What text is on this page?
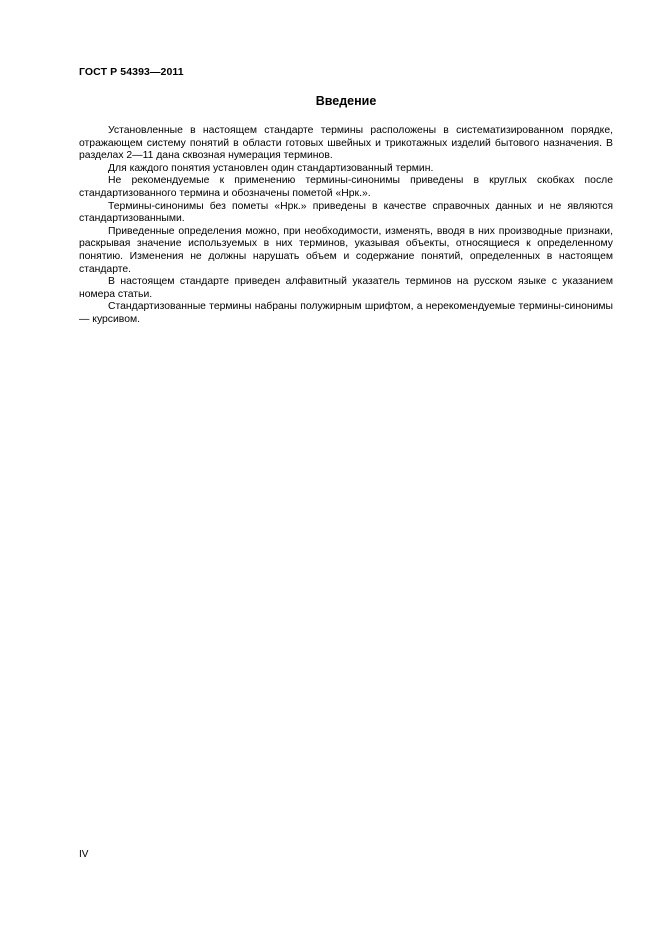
ГОСТ Р 54393—2011
Введение

Установленные в настоящем стандарте термины расположены в систематизированном порядке, отражающем систему понятий в области готовых швейных и трикотажных изделий бытового назначения. В разделах 2—11 дана сквозная нумерация терминов.

Для каждого понятия установлен один стандартизованный термин.

Не рекомендуемые к применению термины-синонимы приведены в круглых скобках после стандартизованного термина и обозначены пометой «Нрк.».

Термины-синонимы без пометы «Нрк.» приведены в качестве справочных данных и не являются стандартизованными.

Приведенные определения можно, при необходимости, изменять, вводя в них производные признаки, раскрывая значение используемых в них терминов, указывая объекты, относящиеся к определенному понятию. Изменения не должны нарушать объем и содержание понятий, определенных в настоящем стандарте.

В настоящем стандарте приведен алфавитный указатель терминов на русском языке с указанием номера статьи.

Стандартизованные термины набраны полужирным шрифтом, а нерекомендуемые термины-синонимы — курсивом.

IV
